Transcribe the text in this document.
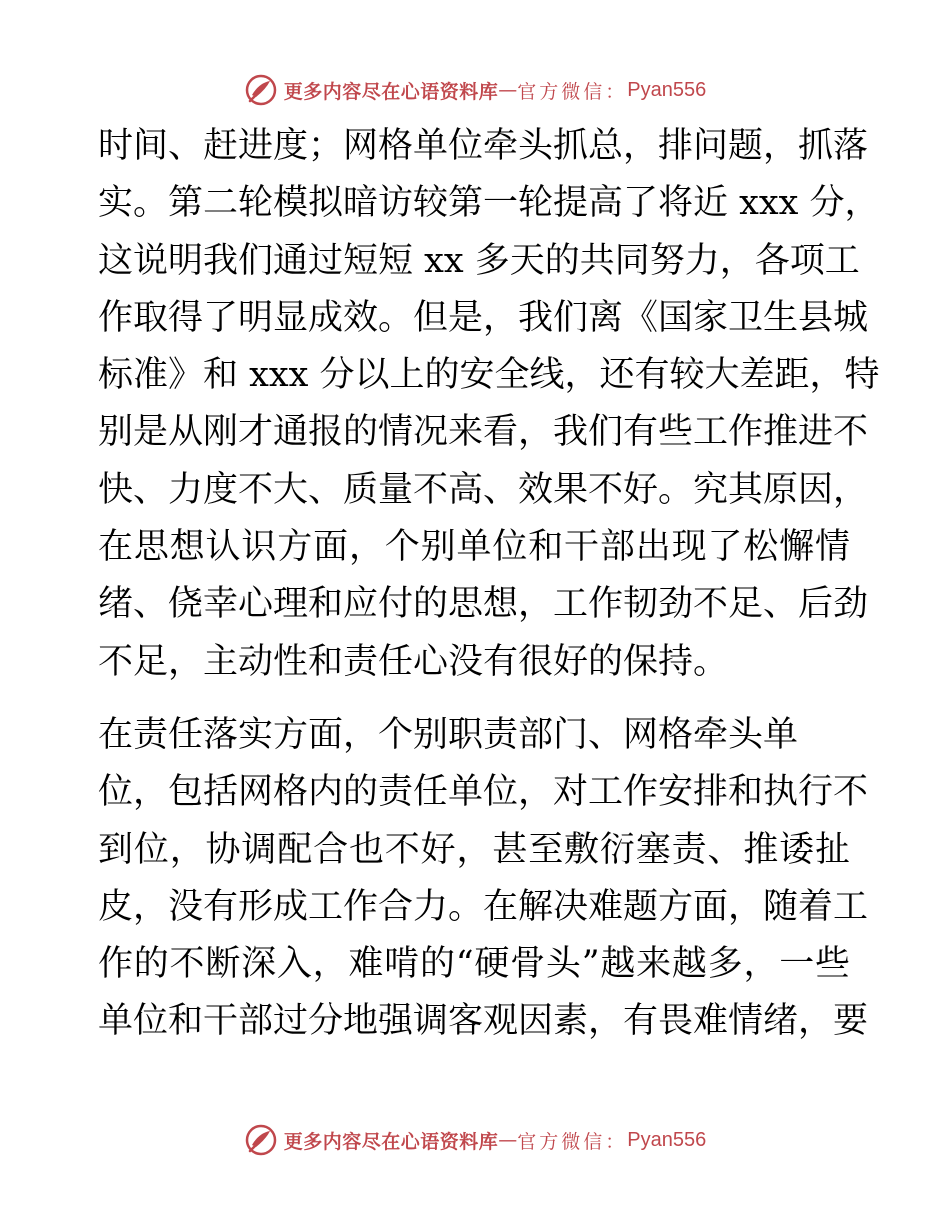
更多内容尽在心语资料库 — 官方微信： Pyan556
时间、赶进度；网格单位牵头抓总，排问题，抓落
实。第二轮模拟暗访较第一轮提高了将近 xxx 分，
这说明我们通过短短 xx 多天的共同努力，各项工
作取得了明显成效。但是，我们离《国家卫生县城
标准》和 xxx 分以上的安全线，还有较大差距，特
别是从刚才通报的情况来看，我们有些工作推进不
快、力度不大、质量不高、效果不好。究其原因，
在思想认识方面，个别单位和干部出现了松懈情
绪、侥幸心理和应付的思想，工作韧劲不足、后劲
不足，主动性和责任心没有很好的保持。
在责任落实方面，个别职责部门、网格牵头单
位，包括网格内的责任单位，对工作安排和执行不
到位，协调配合也不好，甚至敷衍塞责、推诿扯
皮，没有形成工作合力。在解决难题方面，随着工
作的不断深入，难啃的“硬骨头”越来越多，一些
单位和干部过分地强调客观因素，有畏难情绪，要
更多内容尽在心语资料库 — 官方微信： Pyan556
